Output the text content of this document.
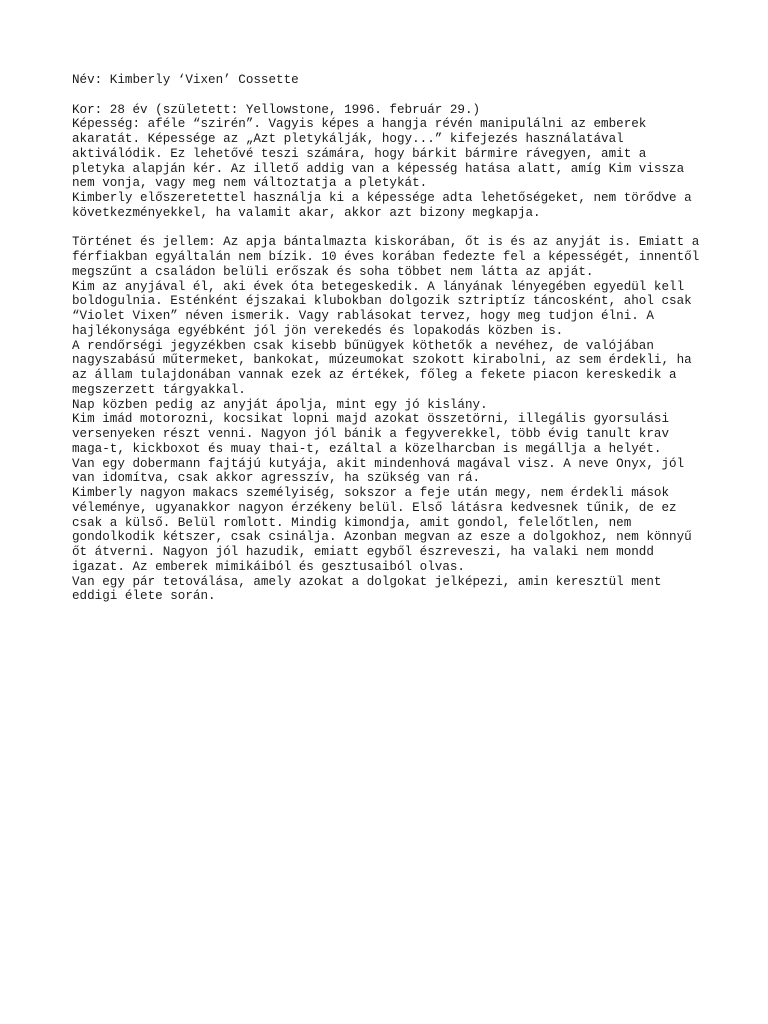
Név: Kimberly ‘Vixen’ Cossette
Kor: 28 év (született: Yellowstone, 1996. február 29.)
Képesség: aféle “szirén”. Vagyis képes a hangja révén manipulálni az emberek
akaratát. Képessége az „Azt pletykálják, hogy...” kifejezés használatával
aktiválódik. Ez lehetővé teszi számára, hogy bárkit bármire rávegyen, amit a
pletyka alapján kér. Az illető addig van a képesség hatása alatt, amíg Kim vissza
nem vonja, vagy meg nem változtatja a pletykát.
Kimberly előszeretettel használja ki a képessége adta lehetőségeket, nem törődve a
következményekkel, ha valamit akar, akkor azt bizony megkapja.
Történet és jellem: Az apja bántalmazta kiskorában, őt is és az anyját is. Emiatt a
férfiakban egyáltalán nem bízik. 10 éves korában fedezte fel a képességét, innentől
megszűnt a családon belüli erőszak és soha többet nem látta az apját.
Kim az anyjával él, aki évek óta betegeskedik. A lányának lényegében egyedül kell
boldogulnia. Esténként éjszakai klubokban dolgozik sztriptíz táncosként, ahol csak
“Violet Vixen” néven ismerik. Vagy rablásokat tervez, hogy meg tudjon élni. A
hajlékonysága egyébként jól jön verekedés és lopakodás közben is.
A rendőrségi jegyzékben csak kisebb bűnügyek köthetők a nevéhez, de valójában
nagyszabású műtermeket, bankokat, múzeumokat szokott kirabolni, az sem érdekli, ha
az állam tulajdonában vannak ezek az értékek, főleg a fekete piacon kereskedik a
megszerzett tárgyakkal.
Nap közben pedig az anyját ápolja, mint egy jó kislány.
Kim imád motorozni, kocsikat lopni majd azokat összetörni, illegális gyorsulási
versenyeken részt venni. Nagyon jól bánik a fegyverekkel, több évig tanult krav
maga-t, kickboxot és muay thai-t, ezáltal a közelharcban is megállja a helyét.
Van egy dobermann fajtájú kutyája, akit mindenhová magával visz. A neve Onyx, jól
van idomítva, csak akkor agresszív, ha szükség van rá.
Kimberly nagyon makacs személyiség, sokszor a feje után megy, nem érdekli mások
véleménye, ugyanakkor nagyon érzékeny belül. Első látásra kedvesnek tűnik, de ez
csak a külső. Belül romlott. Mindig kimondja, amit gondol, felelőtlen, nem
gondolkodik kétszer, csak csinálja. Azonban megvan az esze a dolgokhoz, nem könnyű
őt átverni. Nagyon jól hazudik, emiatt egyből észreveszi, ha valaki nem mondd
igazat. Az emberek mimikáiból és gesztusaiból olvas.
Van egy pár tetoválása, amely azokat a dolgokat jelképezi, amin keresztül ment
eddigi élete során.
